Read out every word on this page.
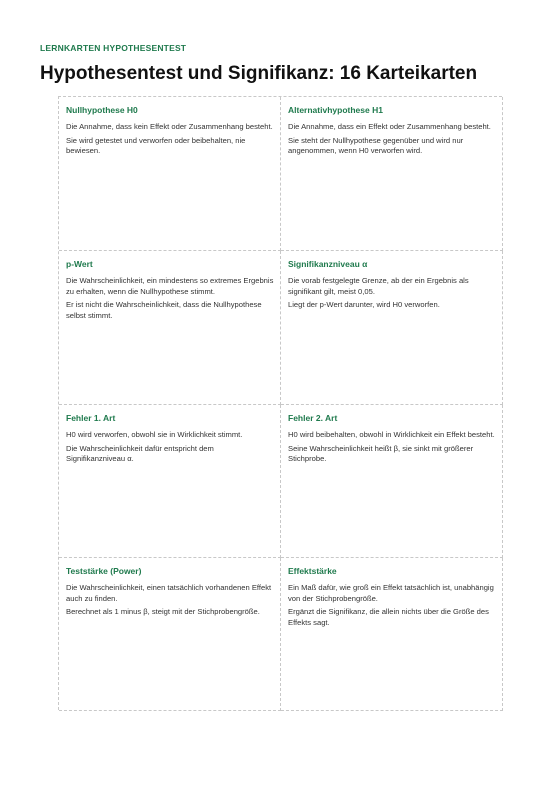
LERNKARTEN HYPOTHESENTEST
Hypothesentest und Signifikanz: 16 Karteikarten
Nullhypothese H0

Die Annahme, dass kein Effekt oder Zusammenhang besteht.

Sie wird getestet und verworfen oder beibehalten, nie bewiesen.

Alternativhypothese H1

Die Annahme, dass ein Effekt oder Zusammenhang besteht.

Sie steht der Nullhypothese gegenüber und wird nur angenommen, wenn H0 verworfen wird.

p-Wert

Die Wahrscheinlichkeit, ein mindestens so extremes Ergebnis zu erhalten, wenn die Nullhypothese stimmt.

Er ist nicht die Wahrscheinlichkeit, dass die Nullhypothese selbst stimmt.

Signifikanzniveau α

Die vorab festgelegte Grenze, ab der ein Ergebnis als signifikant gilt, meist 0,05.

Liegt der p-Wert darunter, wird H0 verworfen.

Fehler 1. Art

H0 wird verworfen, obwohl sie in Wirklichkeit stimmt.

Die Wahrscheinlichkeit dafür entspricht dem Signifikanzniveau α.

Fehler 2. Art

H0 wird beibehalten, obwohl in Wirklichkeit ein Effekt besteht.

Seine Wahrscheinlichkeit heißt β, sie sinkt mit größerer Stichprobe.

Teststärke (Power)

Die Wahrscheinlichkeit, einen tatsächlich vorhandenen Effekt auch zu finden.

Berechnet als 1 minus β, steigt mit der Stichprobengröße.

Effektstärke

Ein Maß dafür, wie groß ein Effekt tatsächlich ist, unabhängig von der Stichprobengröße.

Ergänzt die Signifikanz, die allein nichts über die Größe des Effekts sagt.
